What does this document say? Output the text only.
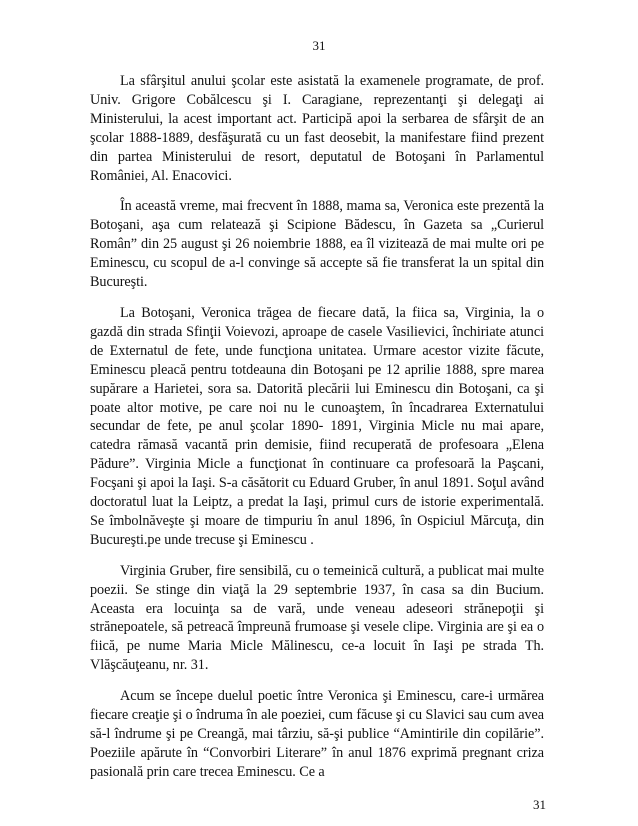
31

La sfârşitul anului şcolar este asistată la examenele programate, de prof. Univ. Grigore Cobălcescu şi I. Caragiane, reprezentanţi şi delegaţi ai Ministerului, la acest important act. Participă apoi la serbarea de sfârşit de an şcolar 1888-1889, desfăşurată cu un fast deosebit, la manifestare fiind prezent din partea Ministerului de resort, deputatul de Botoşani în Parlamentul României, Al. Enacovici.

În această vreme, mai frecvent în 1888, mama sa, Veronica este prezentă la Botoşani, aşa cum relatează şi Scipione Bădescu, în Gazeta sa „Curierul Român” din 25 august şi 26 noiembrie 1888, ea îl vizitează de mai multe ori pe Eminescu, cu scopul de a-l convinge să accepte să fie transferat la un spital din Bucureşti.

La Botoşani, Veronica trăgea de fiecare dată, la fiica sa, Virginia, la o gazdă din strada Sfinţii Voievozi, aproape de casele Vasilievici, închiriate atunci de Externatul de fete, unde funcţiona unitatea. Urmare acestor vizite făcute, Eminescu pleacă pentru totdeauna din Botoşani pe 12 aprilie 1888, spre marea supărare a Harietei, sora sa. Datorită plecării lui Eminescu din Botoşani, ca şi poate altor motive, pe care noi nu le cunoaştem, în încadrarea Externatului secundar de fete, pe anul şcolar 1890- 1891, Virginia Micle nu mai apare, catedra rămasă vacantă prin demisie, fiind recuperată de profesoara „Elena Pădure”. Virginia Micle a funcţionat în continuare ca profesoară la Paşcani, Focşani şi apoi la Iaşi. S-a căsătorit cu Eduard Gruber, în anul 1891. Soţul având doctoratul luat la Leiptz, a predat la Iaşi, primul curs de istorie experimentală. Se îmbolnăveşte şi moare de timpuriu în anul 1896, în Ospiciul Mărcuţa, din Bucureşti.pe unde trecuse şi Eminescu .

Virginia Gruber, fire sensibilă, cu o temeinică cultură, a publicat mai multe poezii. Se stinge din viaţă la 29 septembrie 1937, în casa sa din Bucium. Aceasta era locuinţa sa de vară, unde veneau adeseori strănepoţii şi strănepoatele, să petreacă împreună frumoase şi vesele clipe. Virginia are şi ea o fiică, pe nume Maria Micle Mălinescu, ce-a locuit în Iaşi pe strada Th. Vlăşcăuţeanu, nr. 31.

Acum se începe duelul poetic între Veronica şi Eminescu, care-i urmărea fiecare creaţie şi o îndruma în ale poeziei, cum făcuse şi cu Slavici sau cum avea să-l îndrume şi pe Creangă, mai târziu, să-şi publice “Amintirile din copilărie”. Poeziile apărute în “Convorbiri Literare” în anul 1876 exprimă pregnant criza pasională prin care trecea Eminescu. Ce a

31
